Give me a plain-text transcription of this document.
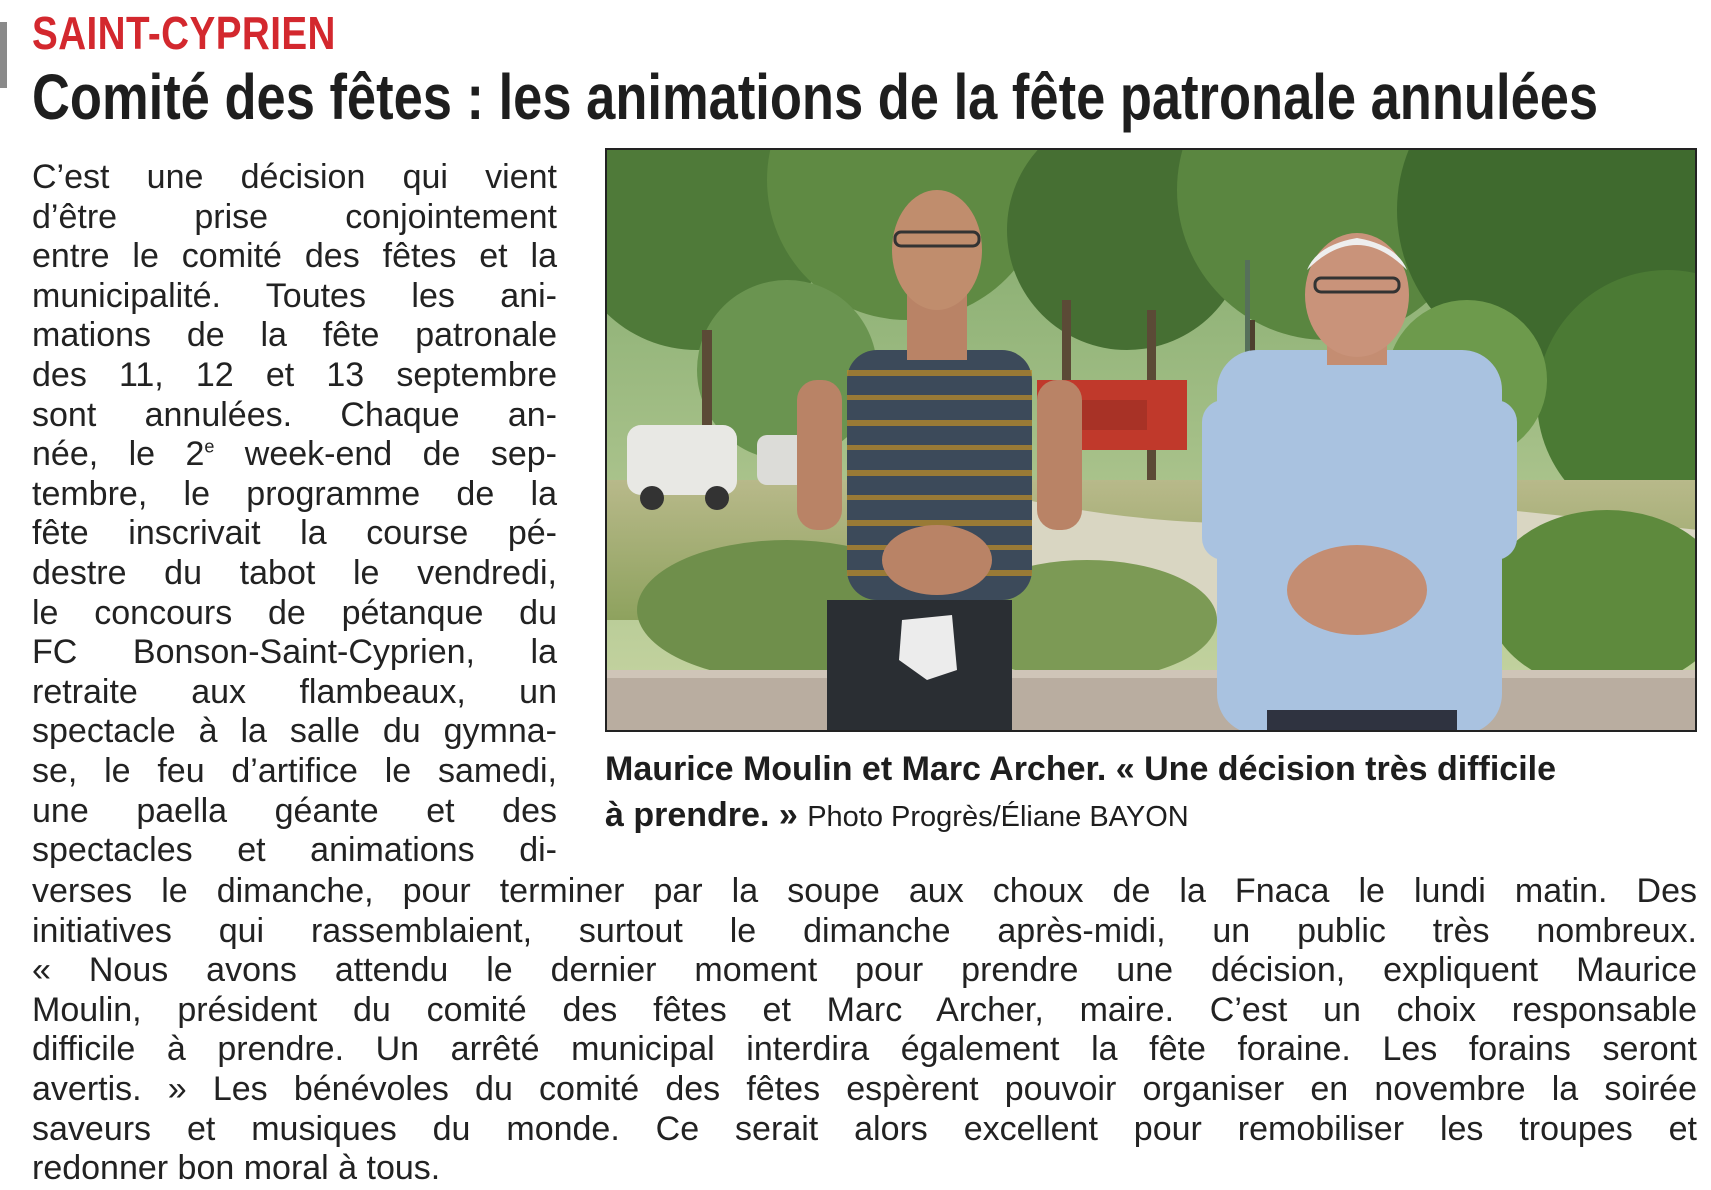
SAINT-CYPRIEN
Comité des fêtes : les animations de la fête patronale annulées
C’est une décision qui vient
d’être prise conjointement
entre le comité des fêtes et la
municipalité. Toutes les ani-
mations de la fête patronale
des 11, 12 et 13 septembre
sont annulées. Chaque an-
née, le 2e week-end de sep-
tembre, le programme de la
fête inscrivait la course pé-
destre du tabot le vendredi,
le concours de pétanque du
FC Bonson-Saint-Cyprien, la
retraite aux flambeaux, un
spectacle à la salle du gymna-
se, le feu d’artifice le samedi,
une paella géante et des
spectacles et animations di-

Maurice Moulin et Marc Archer. « Une décision très difficile
à prendre. » Photo Progrès/Éliane BAYON

verses le dimanche, pour terminer par la soupe aux choux de la Fnaca le lundi matin. Des
initiatives qui rassemblaient, surtout le dimanche après-midi, un public très nombreux.
« Nous avons attendu le dernier moment pour prendre une décision, expliquent Maurice
Moulin, président du comité des fêtes et Marc Archer, maire. C’est un choix responsable
difficile à prendre. Un arrêté municipal interdira également la fête foraine. Les forains seront
avertis. » Les bénévoles du comité des fêtes espèrent pouvoir organiser en novembre la soirée
saveurs et musiques du monde. Ce serait alors excellent pour remobiliser les troupes et
redonner bon moral à tous.
